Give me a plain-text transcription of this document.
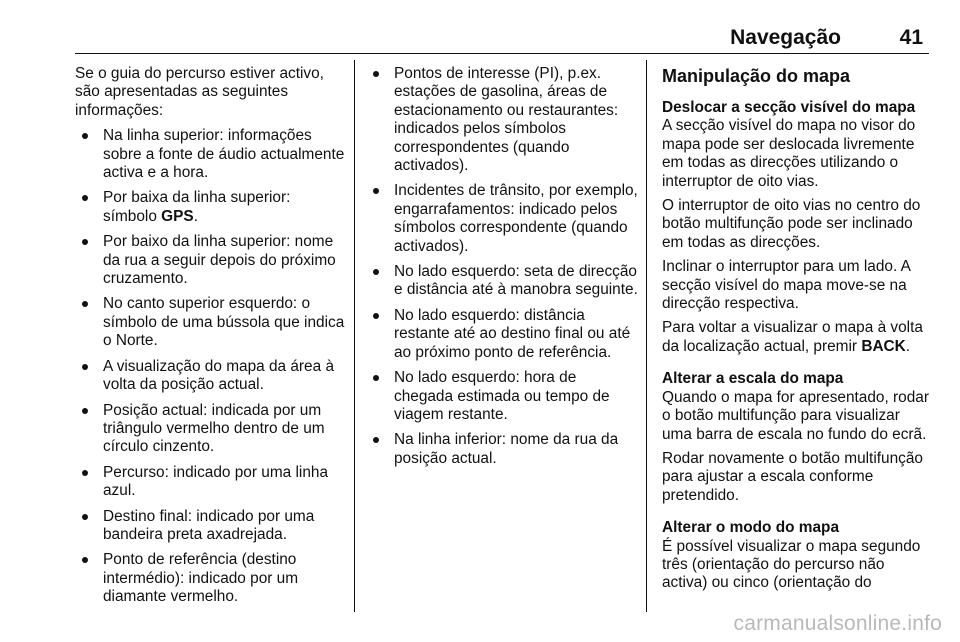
Navegação	41

Se o guia do percurso estiver activo, são apresentadas as seguintes informações:

Na linha superior: informações sobre a fonte de áudio actualmente activa e a hora.
Por baixa da linha superior: símbolo GPS.
Por baixo da linha superior: nome da rua a seguir depois do próximo cruzamento.
No canto superior esquerdo: o símbolo de uma bússola que indica o Norte.
A visualização do mapa da área à volta da posição actual.
Posição actual: indicada por um triângulo vermelho dentro de um círculo cinzento.
Percurso: indicado por uma linha azul.
Destino final: indicado por uma bandeira preta axadrejada.
Ponto de referência (destino intermédio): indicado por um diamante vermelho.
Pontos de interesse (PI), p.ex. estações de gasolina, áreas de estacionamento ou restaurantes: indicados pelos símbolos correspondentes (quando activados).
Incidentes de trânsito, por exemplo, engarrafamentos: indicado pelos símbolos correspondente (quando activados).
No lado esquerdo: seta de direcção e distância até à manobra seguinte.
No lado esquerdo: distância restante até ao destino final ou até ao próximo ponto de referência.
No lado esquerdo: hora de chegada estimada ou tempo de viagem restante.
Na linha inferior: nome da rua da posição actual.
Manipulação do mapa

Deslocar a secção visível do mapa

A secção visível do mapa no visor do mapa pode ser deslocada livremente em todas as direcções utilizando o interruptor de oito vias.

O interruptor de oito vias no centro do botão multifunção pode ser inclinado em todas as direcções.

Inclinar o interruptor para um lado. A secção visível do mapa move-se na direcção respectiva.

Para voltar a visualizar o mapa à volta da localização actual, premir BACK.

Alterar a escala do mapa

Quando o mapa for apresentado, rodar o botão multifunção para visualizar uma barra de escala no fundo do ecrã.

Rodar novamente o botão multifunção para ajustar a escala conforme pretendido.

Alterar o modo do mapa

É possível visualizar o mapa segundo três (orientação do percurso não activa) ou cinco (orientação do

carmanualsonline.info
